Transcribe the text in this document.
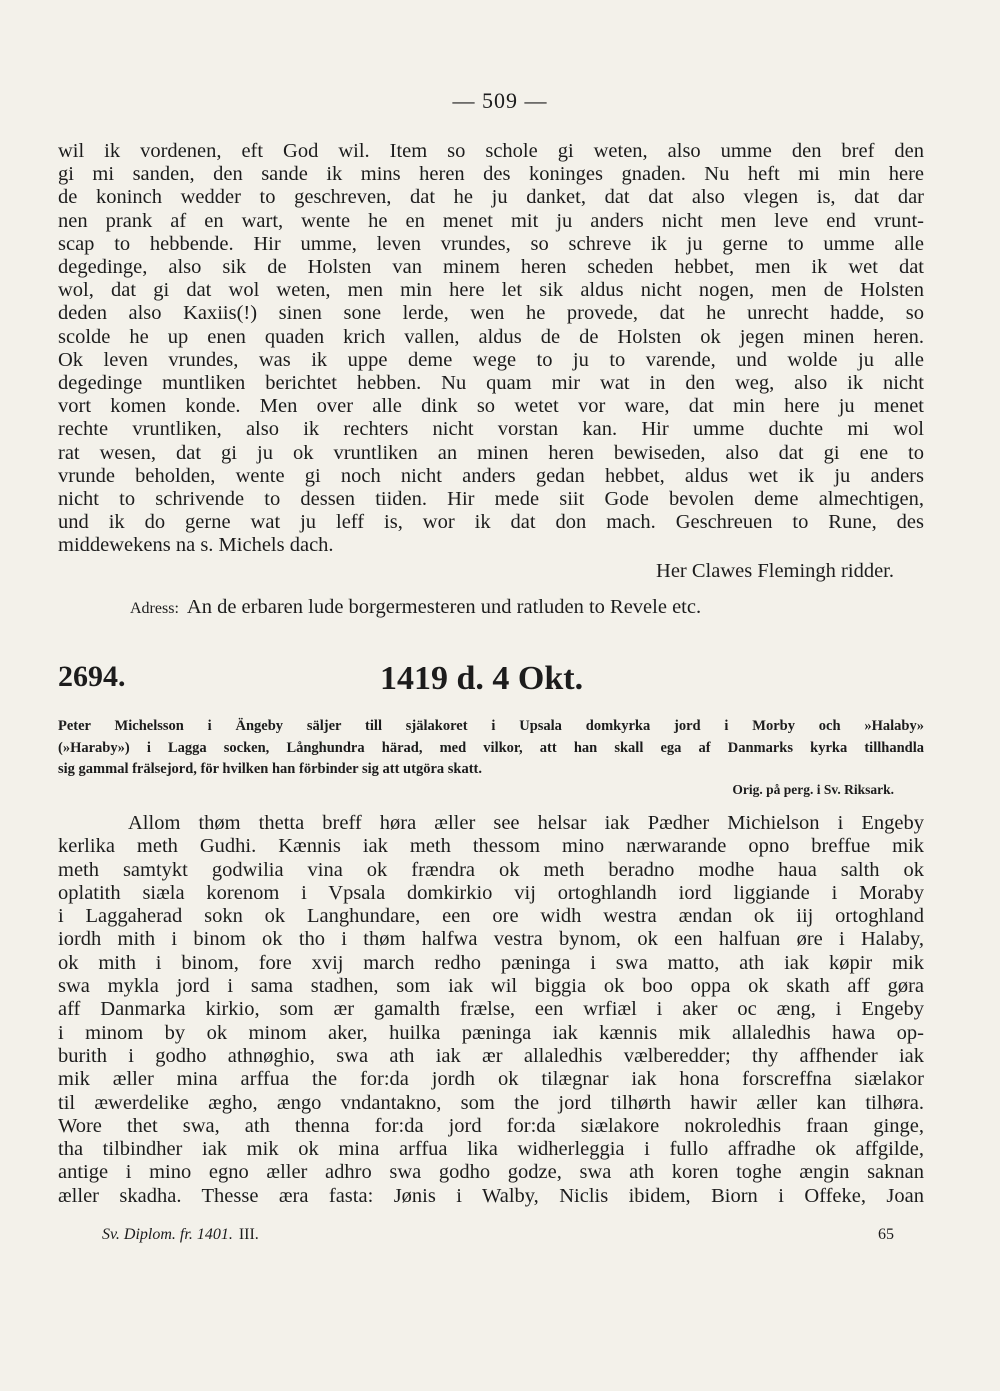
— 509 —
wil ik vordenen, eft God wil. Item so schole gi weten, also umme den bref den
gi mi sanden, den sande ik mins heren des koninges gnaden. Nu heft mi min here
de koninch wedder to geschreven, dat he ju danket, dat dat also vlegen is, dat dar
nen prank af en wart, wente he en menet mit ju anders nicht men leve end vrunt-
scap to hebbende. Hir umme, leven vrundes, so schreve ik ju gerne to umme alle
degedinge, also sik de Holsten van minem heren scheden hebbet, men ik wet dat
wol, dat gi dat wol weten, men min here let sik aldus nicht nogen, men de Holsten
deden also Kaxiis(!) sinen sone lerde, wen he provede, dat he unrecht hadde, so
scolde he up enen quaden krich vallen, aldus de de Holsten ok jegen minen heren.
Ok leven vrundes, was ik uppe deme wege to ju to varende, und wolde ju alle
degedinge muntliken berichtet hebben. Nu quam mir wat in den weg, also ik nicht
vort komen konde. Men over alle dink so wetet vor ware, dat min here ju menet
rechte vruntliken, also ik rechters nicht vorstan kan. Hir umme duchte mi wol
rat wesen, dat gi ju ok vruntliken an minen heren bewiseden, also dat gi ene to
vrunde beholden, wente gi noch nicht anders gedan hebbet, aldus wet ik ju anders
nicht to schrivende to dessen tiiden. Hir mede siit Gode bevolen deme almechtigen,
und ik do gerne wat ju leff is, wor ik dat don mach. Geschreuen to Rune, des
middewekens na s. Michels dach.
Her Clawes Flemingh ridder.
Adress: An de erbaren lude borgermesteren und ratluden to Revele etc.
2694.	1419 d. 4 Okt.
Peter Michelsson i Ängeby säljer till själakoret i Upsala domkyrka jord i Morby och »Halaby»
(»Haraby») i Lagga socken, Långhundra härad, med vilkor, att han skall ega af Danmarks kyrka tillhandla
sig gammal frälsejord, för hvilken han förbinder sig att utgöra skatt.
Orig. på perg. i Sv. Riksark.
Allom thøm thetta breff høra æller see helsar iak Pædher Michielson i Engeby
kerlika meth Gudhi. Kænnis iak meth thessom mino nærwarande opno breffue mik
meth samtykt godwilia vina ok frændra ok meth beradno modhe haua salth ok
oplatith siæla korenom i Vpsala domkirkio vij ortoghlandh iord liggiande i Moraby
i Laggaherad sokn ok Langhundare, een ore widh westra ændan ok iij ortoghland
iordh mith i binom ok tho i thøm halfwa vestra bynom, ok een halfuan øre i Halaby,
ok mith i binom, fore xvij march redho pæninga i swa matto, ath iak køpir mik
swa mykla jord i sama stadhen, som iak wil biggia ok boo oppa ok skath aff gøra
aff Danmarka kirkio, som ær gamalth frælse, een wrfiæl i aker oc æng, i Engeby
i minom by ok minom aker, huilka pæninga iak kænnis mik allaledhis hawa op-
burith i godho athnøghio, swa ath iak ær allaledhis vælberedder; thy affhender iak
mik æller mina arffua the for:da jordh ok tilægnar iak hona forscreffna siælakor
til æwerdelike ægho, ængo vndantakno, som the jord tilhørth hawir æller kan tilhøra.
Wore thet swa, ath thenna for:da jord for:da siælakore nokroledhis fraan ginge,
tha tilbindher iak mik ok mina arffua lika widherleggia i fullo affradhe ok affgilde,
antige i mino egno æller adhro swa godho godze, swa ath koren toghe ængin saknan
æller skadha. Thesse æra fasta: Jønis i Walby, Niclis ibidem, Biorn i Offeke, Joan
Sv. Diplom. fr. 1401. III.	65
